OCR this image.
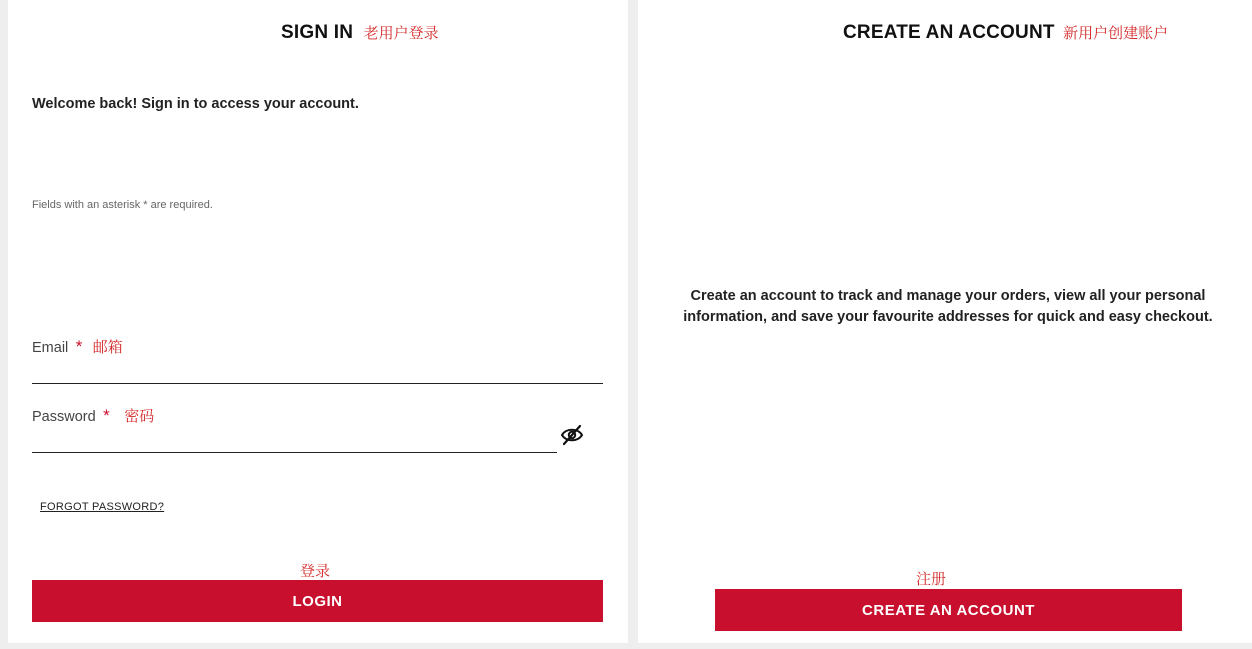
SIGN IN 老用户登录
Welcome back! Sign in to access your account.
Fields with an asterisk * are required.
Email * 邮箱
Password * 密码
FORGOT PASSWORD?
登录
LOGIN
CREATE AN ACCOUNT 新用户创建账户
Create an account to track and manage your orders, view all your personal
information, and save your favourite addresses for quick and easy checkout.
注册
CREATE AN ACCOUNT
